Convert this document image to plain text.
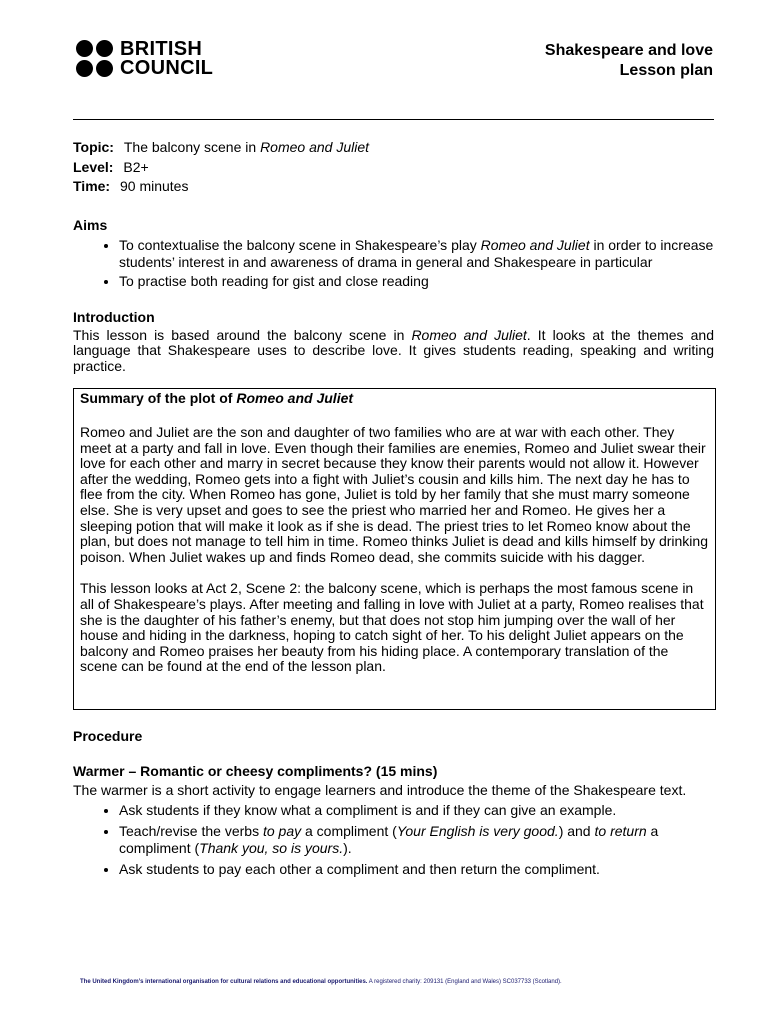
BRITISH
COUNCIL
Shakespeare and love
Lesson plan
Topic: The balcony scene in Romeo and Juliet
Level: B2+
Time: 90 minutes
Aims
• To contextualise the balcony scene in Shakespeare’s play Romeo and Juliet in order to increase students’ interest in and awareness of drama in general and Shakespeare in particular
• To practise both reading for gist and close reading
Introduction

This lesson is based around the balcony scene in Romeo and Juliet. It looks at the themes and language that Shakespeare uses to describe love. It gives students reading, speaking and writing practice.

Summary of the plot of Romeo and Juliet

Romeo and Juliet are the son and daughter of two families who are at war with each other. They meet at a party and fall in love. Even though their families are enemies, Romeo and Juliet swear their love for each other and marry in secret because they know their parents would not allow it. However after the wedding, Romeo gets into a fight with Juliet’s cousin and kills him. The next day he has to flee from the city. When Romeo has gone, Juliet is told by her family that she must marry someone else. She is very upset and goes to see the priest who married her and Romeo. He gives her a sleeping potion that will make it look as if she is dead. The priest tries to let Romeo know about the plan, but does not manage to tell him in time. Romeo thinks Juliet is dead and kills himself by drinking poison. When Juliet wakes up and finds Romeo dead, she commits suicide with his dagger.

This lesson looks at Act 2, Scene 2: the balcony scene, which is perhaps the most famous scene in all of Shakespeare’s plays. After meeting and falling in love with Juliet at a party, Romeo realises that she is the daughter of his father’s enemy, but that does not stop him jumping over the wall of her house and hiding in the darkness, hoping to catch sight of her. To his delight Juliet appears on the balcony and Romeo praises her beauty from his hiding place. A contemporary translation of the scene can be found at the end of the lesson plan.

Procedure
Warmer – Romantic or cheesy compliments? (15 mins)

The warmer is a short activity to engage learners and introduce the theme of the Shakespeare text.

• Ask students if they know what a compliment is and if they can give an example.
• Teach/revise the verbs to pay a compliment (Your English is very good.) and to return a compliment (Thank you, so is yours.).
• Ask students to pay each other a compliment and then return the compliment.
The United Kingdom’s international organisation for cultural relations and educational opportunities. A registered charity: 209131 (England and Wales) SC037733 (Scotland).
